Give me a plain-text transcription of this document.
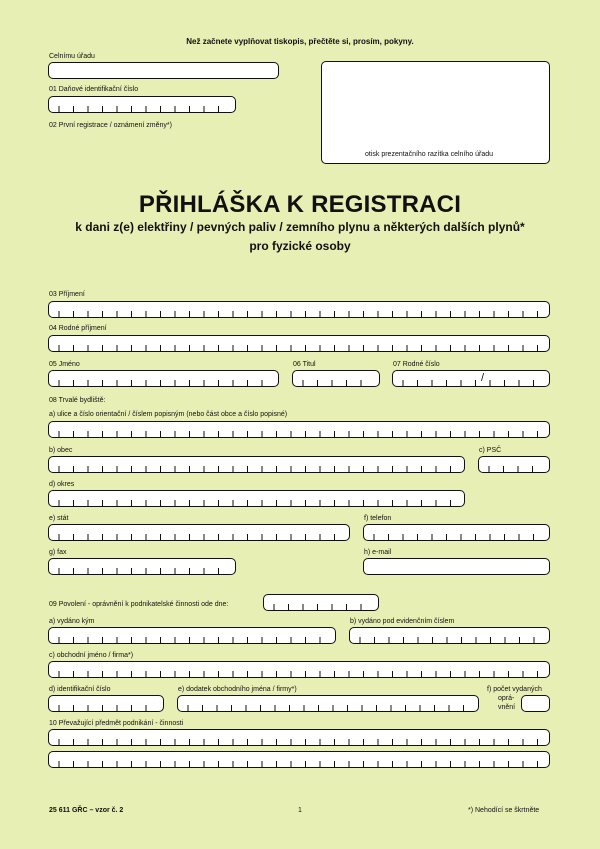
Než začnete vyplňovat tiskopis, přečtěte si, prosím, pokyny.
Celnímu úřadu
01 Daňové identifikační číslo
02 První registrace / oznámení změny*)
otisk prezentačního razítka celního úřadu
PŘIHLÁŠKA K REGISTRACI
k dani z(e) elektřiny / pevných paliv / zemního plynu a některých dalších plynů*
pro fyzické osoby
03 Příjmení
04 Rodné příjmení
05 Jméno	06 Titul	07 Rodné číslo
/
08 Trvalé bydliště:
a) ulice a číslo orientační / číslem popisným (nebo část obce a číslo popisné)
b) obec	c) PSČ
d) okres
e) stát	f) telefon
g) fax	h) e-mail
09 Povolení - oprávnění k podnikatelské činnosti ode dne:
a) vydáno kým	b) vydáno pod evidenčním číslem
c) obchodní jméno / firma*)
d) identifikační číslo	e) dodatek obchodního jména / firmy*)	f) počet vydaných
oprá-
vnění
10 Převažující předmět podnikání - činnosti
25 611 GŘC – vzor č. 2	1	*) Nehodící se škrtněte
